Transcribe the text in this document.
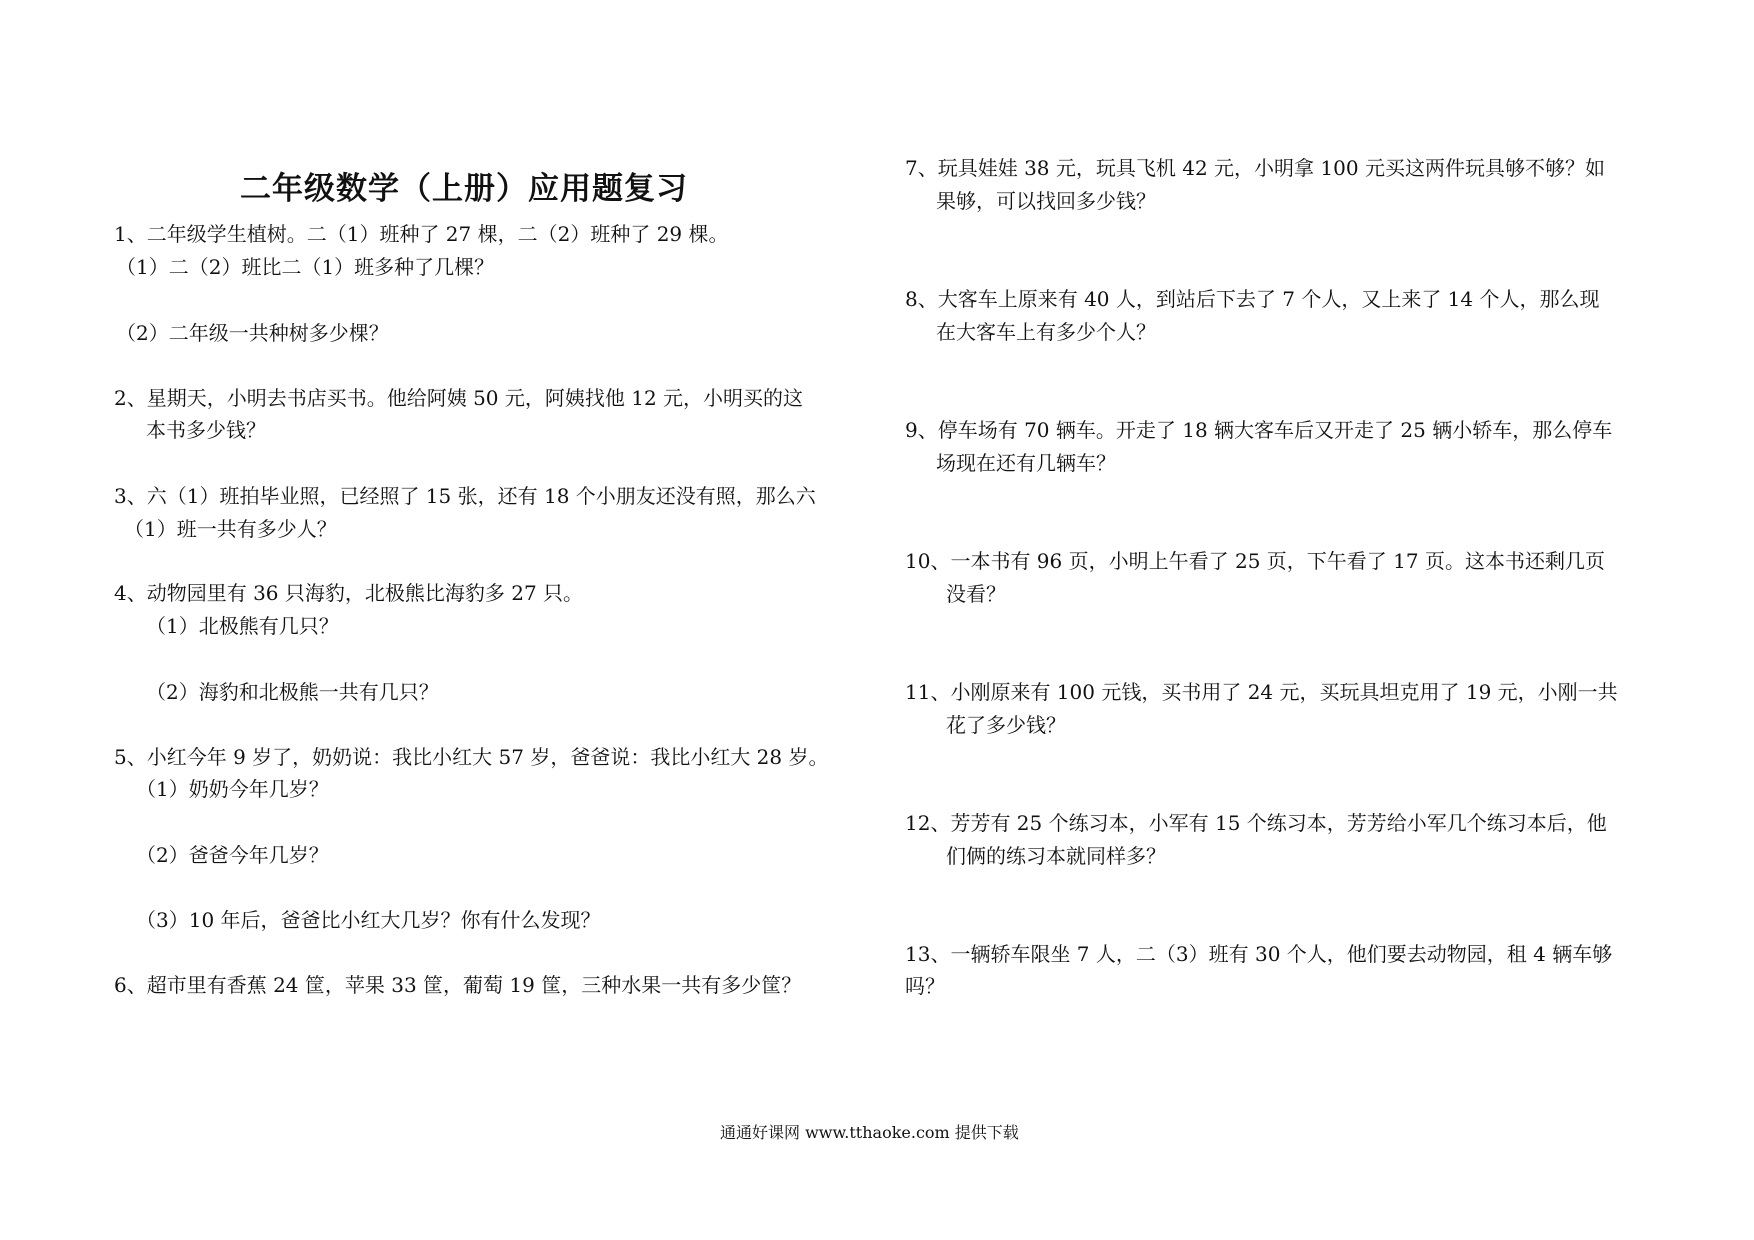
二年级数学（上册）应用题复习
1、二年级学生植树。二（1）班种了 27 棵，二（2）班种了 29 棵。
（1）二（2）班比二（1）班多种了几棵？
（2）二年级一共种树多少棵？
2、星期天，小明去书店买书。他给阿姨 50 元，阿姨找他 12 元，小明买的这
本书多少钱？
3、六（1）班拍毕业照，已经照了 15 张，还有 18 个小朋友还没有照，那么六
（1）班一共有多少人？
4、动物园里有 36 只海豹，北极熊比海豹多 27 只。
（1）北极熊有几只？
（2）海豹和北极熊一共有几只？
5、小红今年 9 岁了，奶奶说：我比小红大 57 岁，爸爸说：我比小红大 28 岁。
（1）奶奶今年几岁？
（2）爸爸今年几岁？
（3）10 年后，爸爸比小红大几岁？你有什么发现？
6、超市里有香蕉 24 筐，苹果 33 筐，葡萄 19 筐，三种水果一共有多少筐？
7、玩具娃娃 38 元，玩具飞机 42 元，小明拿 100 元买这两件玩具够不够？如
果够，可以找回多少钱？
8、大客车上原来有 40 人，到站后下去了 7 个人，又上来了 14 个人，那么现
在大客车上有多少个人？
9、停车场有 70 辆车。开走了 18 辆大客车后又开走了 25 辆小轿车，那么停车
场现在还有几辆车？
10、一本书有 96 页，小明上午看了 25 页，下午看了 17 页。这本书还剩几页
没看？
11、小刚原来有 100 元钱，买书用了 24 元，买玩具坦克用了 19 元，小刚一共
花了多少钱？
12、芳芳有 25 个练习本，小军有 15 个练习本，芳芳给小军几个练习本后，他
们俩的练习本就同样多？
13、一辆轿车限坐 7 人，二（3）班有 30 个人，他们要去动物园，租 4 辆车够
吗？
通通好课网 www.tthaoke.com 提供下载
